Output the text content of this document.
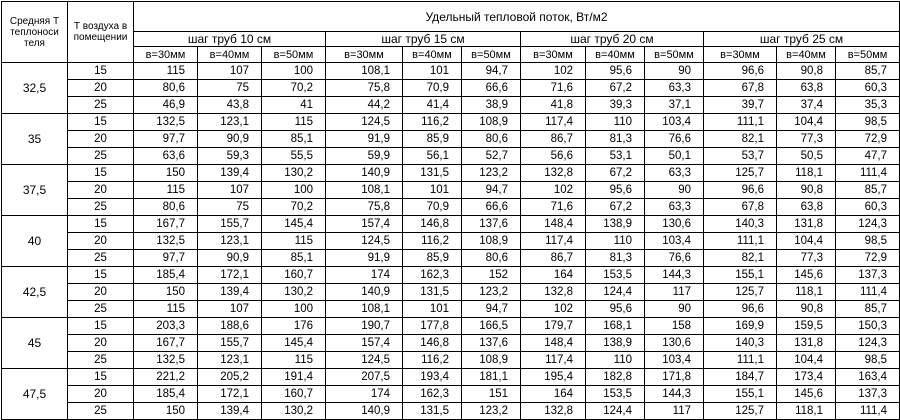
Средняя Т теплоноси теля	Т воздуха в помещении	Удельный тепловой поток, Вт/м2											
		шаг труб 10 см			шаг труб 15 см			шаг труб 20 см			шаг труб 25 см		
		в=30мм	в=40мм	в=50мм	в=30мм	в=40мм	в=50мм	в=30мм	в=40мм	в=50мм	в=30мм	в=40мм	в=50мм
32,5	15	115	107	100	108,1	101	94,7	102	95,6	90	96,6	90,8	85,7
	20	80,6	75	70,2	75,8	70,9	66,6	71,6	67,2	63,3	67,8	63,8	60,3
	25	46,9	43,8	41	44,2	41,4	38,9	41,8	39,3	37,1	39,7	37,4	35,3
35	15	132,5	123,1	115	124,5	116,2	108,9	117,4	110	103,4	111,1	104,4	98,5
	20	97,7	90,9	85,1	91,9	85,9	80,6	86,7	81,3	76,6	82,1	77,3	72,9
	25	63,6	59,3	55,5	59,9	56,1	52,7	56,6	53,1	50,1	53,7	50,5	47,7
37,5	15	150	139,4	130,2	140,9	131,5	123,2	132,8	67,2	63,3	125,7	118,1	111,4
	20	115	107	100	108,1	101	94,7	102	95,6	90	96,6	90,8	85,7
	25	80,6	75	70,2	75,8	70,9	66,6	71,6	67,2	63,3	67,8	63,8	60,3
40	15	167,7	155,7	145,4	157,4	146,8	137,6	148,4	138,9	130,6	140,3	131,8	124,3
	20	132,5	123,1	115	124,5	116,2	108,9	117,4	110	103,4	111,1	104,4	98,5
	25	97,7	90,9	85,1	91,9	85,9	80,6	86,7	81,3	76,6	82,1	77,3	72,9
42,5	15	185,4	172,1	160,7	174	162,3	152	164	153,5	144,3	155,1	145,6	137,3
	20	150	139,4	130,2	140,9	131,5	123,2	132,8	124,4	117	125,7	118,1	111,4
	25	115	107	100	108,1	101	94,7	102	95,6	90	96,6	90,8	85,7
45	15	203,3	188,6	176	190,7	177,8	166,5	179,7	168,1	158	169,9	159,5	150,3
	20	167,7	155,7	145,4	157,4	146,8	137,6	148,4	138,9	130,6	140,3	131,8	124,3
	25	132,5	123,1	115	124,5	116,2	108,9	117,4	110	103,4	111,1	104,4	98,5
47,5	15	221,2	205,2	191,4	207,5	193,4	181,1	195,4	182,8	171,8	184,7	173,4	163,4
	20	185,4	172,1	160,7	174	162,3	151	164	153,5	144,3	155,1	145,6	137,3
	25	150	139,4	130,2	140,9	131,5	123,2	132,8	124,4	117	125,7	118,1	111,4
